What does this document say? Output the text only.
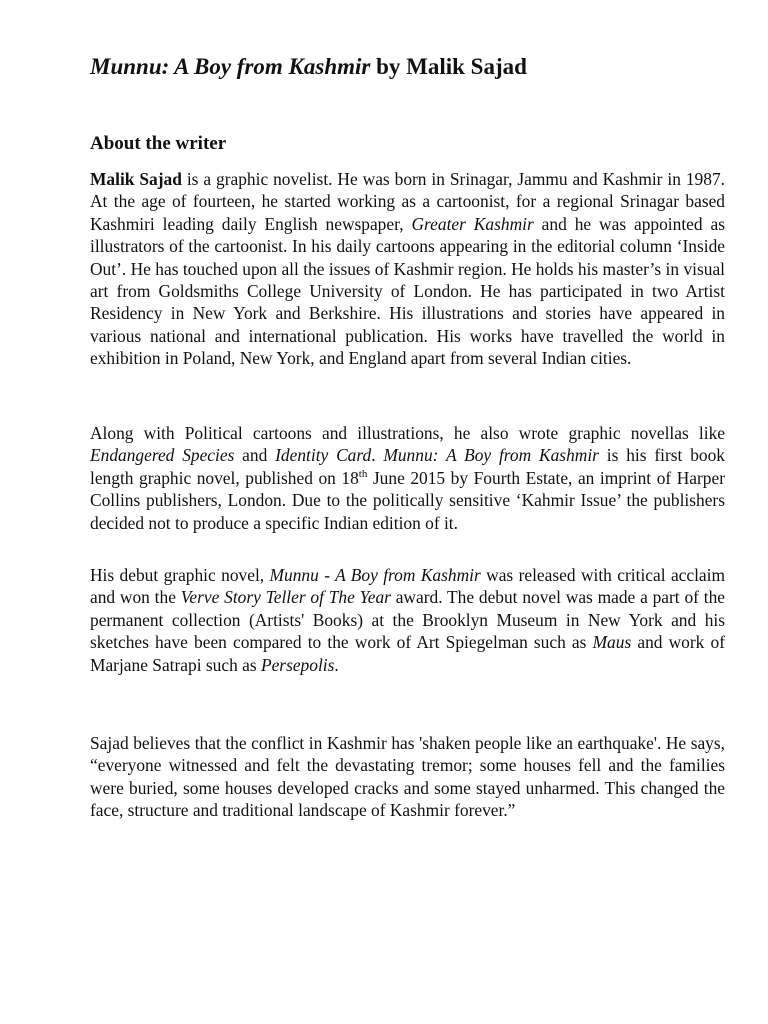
Munnu: A Boy from Kashmir by Malik Sajad
About the writer

Malik Sajad is a graphic novelist. He was born in Srinagar, Jammu and Kashmir in 1987. At the age of fourteen, he started working as a cartoonist, for a regional Srinagar based Kashmiri leading daily English newspaper, Greater Kashmir and he was appointed as illustrators of the cartoonist. In his daily cartoons appearing in the editorial column ‘Inside Out’. He has touched upon all the issues of Kashmir region. He holds his master’s in visual art from Goldsmiths College University of London. He has participated in two Artist Residency in New York and Berkshire. His illustrations and stories have appeared in various national and international publication. His works have travelled the world in exhibition in Poland, New York, and England apart from several Indian cities.

Along with Political cartoons and illustrations, he also wrote graphic novellas like Endangered Species and Identity Card. Munnu: A Boy from Kashmir is his first book length graphic novel, published on 18th June 2015 by Fourth Estate, an imprint of Harper Collins publishers, London. Due to the politically sensitive ‘Kahmir Issue’ the publishers decided not to produce a specific Indian edition of it.

His debut graphic novel, Munnu - A Boy from Kashmir was released with critical acclaim and won the Verve Story Teller of The Year award. The debut novel was made a part of the permanent collection (Artists' Books) at the Brooklyn Museum in New York and his sketches have been compared to the work of Art Spiegelman such as Maus and work of Marjane Satrapi such as Persepolis.

Sajad believes that the conflict in Kashmir has 'shaken people like an earthquake'. He says, “everyone witnessed and felt the devastating tremor; some houses fell and the families were buried, some houses developed cracks and some stayed unharmed. This changed the face, structure and traditional landscape of Kashmir forever.”
